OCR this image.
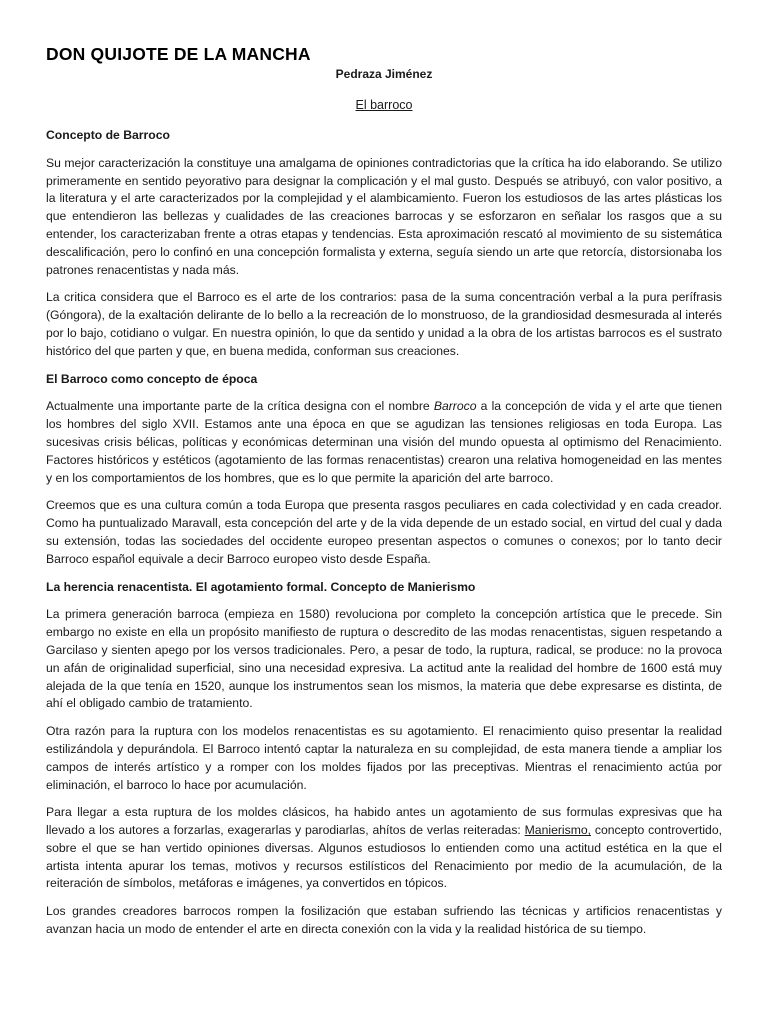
DON QUIJOTE DE LA MANCHA
Pedraza Jiménez
El barroco
Concepto de Barroco

Su mejor caracterización la constituye una amalgama de opiniones contradictorias que la crítica ha ido elaborando. Se utilizo primeramente en sentido peyorativo para designar la complicación y el mal gusto. Después se atribuyó, con valor positivo, a la literatura y el arte caracterizados por la complejidad y el alambicamiento. Fueron los estudiosos de las artes plásticas los que entendieron las bellezas y cualidades de las creaciones barrocas y se esforzaron en señalar los rasgos que a su entender, los caracterizaban frente a otras etapas y tendencias. Esta aproximación rescató al movimiento de su sistemática descalificación, pero lo confinó en una concepción formalista y externa, seguía siendo un arte que retorcía, distorsionaba los patrones renacentistas y nada más.

La critica considera que el Barroco es el arte de los contrarios: pasa de la suma concentración verbal a la pura perífrasis (Góngora), de la exaltación delirante de lo bello a la recreación de lo monstruoso, de la grandiosidad desmesurada al interés por lo bajo, cotidiano o vulgar. En nuestra opinión, lo que da sentido y unidad a la obra de los artistas barrocos es el sustrato histórico del que parten y que, en buena medida, conforman sus creaciones.

El Barroco como concepto de época

Actualmente una importante parte de la crítica designa con el nombre Barroco a la concepción de vida y el arte que tienen los hombres del siglo XVII. Estamos ante una época en que se agudizan las tensiones religiosas en toda Europa. Las sucesivas crisis bélicas, políticas y económicas determinan una visión del mundo opuesta al optimismo del Renacimiento. Factores históricos y estéticos (agotamiento de las formas renacentistas) crearon una relativa homogeneidad en las mentes y en los comportamientos de los hombres, que es lo que permite la aparición del arte barroco.

Creemos que es una cultura común a toda Europa que presenta rasgos peculiares en cada colectividad y en cada creador. Como ha puntualizado Maravall, esta concepción del arte y de la vida depende de un estado social, en virtud del cual y dada su extensión, todas las sociedades del occidente europeo presentan aspectos o comunes o conexos; por lo tanto decir Barroco español equivale a decir Barroco europeo visto desde España.

La herencia renacentista. El agotamiento formal. Concepto de Manierismo

La primera generación barroca (empieza en 1580) revoluciona por completo la concepción artística que le precede. Sin embargo no existe en ella un propósito manifiesto de ruptura o descredito de las modas renacentistas, siguen respetando a Garcilaso y sienten apego por los versos tradicionales. Pero, a pesar de todo, la ruptura, radical, se produce: no la provoca un afán de originalidad superficial, sino una necesidad expresiva. La actitud ante la realidad del hombre de 1600 está muy alejada de la que tenía en 1520, aunque los instrumentos sean los mismos, la materia que debe expresarse es distinta, de ahí el obligado cambio de tratamiento.

Otra razón para la ruptura con los modelos renacentistas es su agotamiento. El renacimiento quiso presentar la realidad estilizándola y depurándola. El Barroco intentó captar la naturaleza en su complejidad, de esta manera tiende a ampliar los campos de interés artístico y a romper con los moldes fijados por las preceptivas. Mientras el renacimiento actúa por eliminación, el barroco lo hace por acumulación.

Para llegar a esta ruptura de los moldes clásicos, ha habido antes un agotamiento de sus formulas expresivas que ha llevado a los autores a forzarlas, exagerarlas y parodiarlas, ahítos de verlas reiteradas: Manierismo, concepto controvertido, sobre el que se han vertido opiniones diversas. Algunos estudiosos lo entienden como una actitud estética en la que el artista intenta apurar los temas, motivos y recursos estilísticos del Renacimiento por medio de la acumulación, de la reiteración de símbolos, metáforas e imágenes, ya convertidos en tópicos.

Los grandes creadores barrocos rompen la fosilización que estaban sufriendo las técnicas y artificios renacentistas y avanzan hacia un modo de entender el arte en directa conexión con la vida y la realidad histórica de su tiempo.
